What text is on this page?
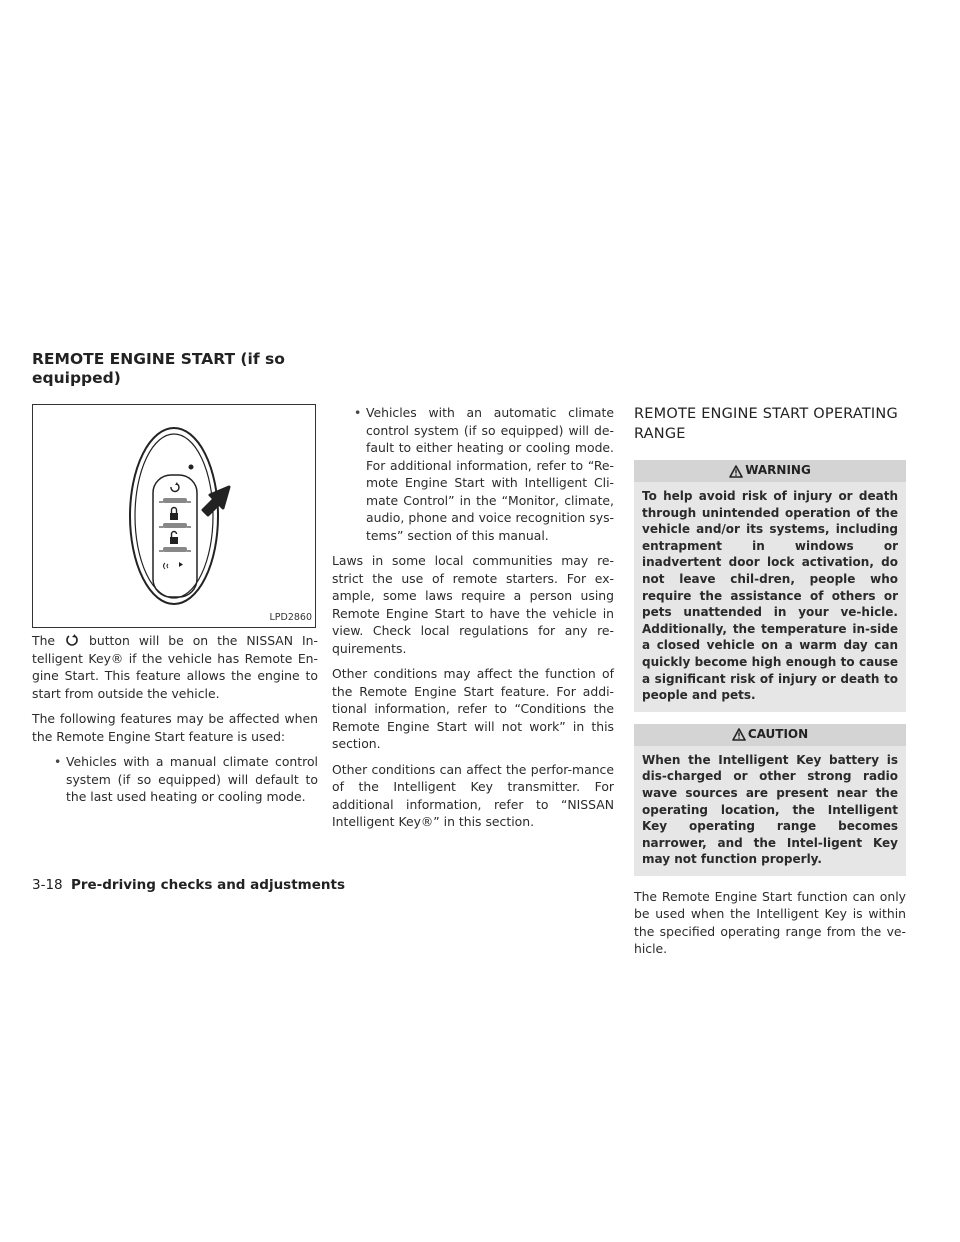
REMOTE ENGINE START (if so equipped)
LPD2860

The	button will be on the NISSAN In-telligent Key® if the vehicle has Remote En-gine Start. This feature allows the engine to start from outside the vehicle.

The following features may be affected when the Remote Engine Start feature is used:

• Vehicles with a manual climate control system (if so equipped) will default to the last used heating or cooling mode.
• Vehicles with an automatic climate control system (if so equipped) will de-fault to either heating or cooling mode. For additional information, refer to “Re-mote Engine Start with Intelligent Cli-mate Control” in the “Monitor, climate, audio, phone and voice recognition sys-tems” section of this manual.

Laws in some local communities may re-strict the use of remote starters. For ex-ample, some laws require a person using Remote Engine Start to have the vehicle in view. Check local regulations for any re-quirements.

Other conditions may affect the function of the Remote Engine Start feature. For addi-tional information, refer to “Conditions the Remote Engine Start will not work” in this section.

Other conditions can affect the perfor-mance of the Intelligent Key transmitter. For additional information, refer to “NISSAN Intelligent Key®” in this section.

REMOTE ENGINE START OPERATING RANGE
WARNING
To help avoid risk of injury or death through unintended operation of the vehicle and/or its systems, including entrapment in windows or inadvertent door lock activation, do not leave chil-dren, people who require the assistance of others or pets unattended in your ve-hicle. Additionally, the temperature in-side a closed vehicle on a warm day can quickly become high enough to cause a significant risk of injury or death to people and pets.
CAUTION
When the Intelligent Key battery is dis-charged or other strong radio wave sources are present near the operating location, the Intelligent Key operating range becomes narrower, and the Intel-ligent Key may not function properly.

The Remote Engine Start function can only be used when the Intelligent Key is within the specified operating range from the ve-hicle.

3-18 Pre-driving checks and adjustments
